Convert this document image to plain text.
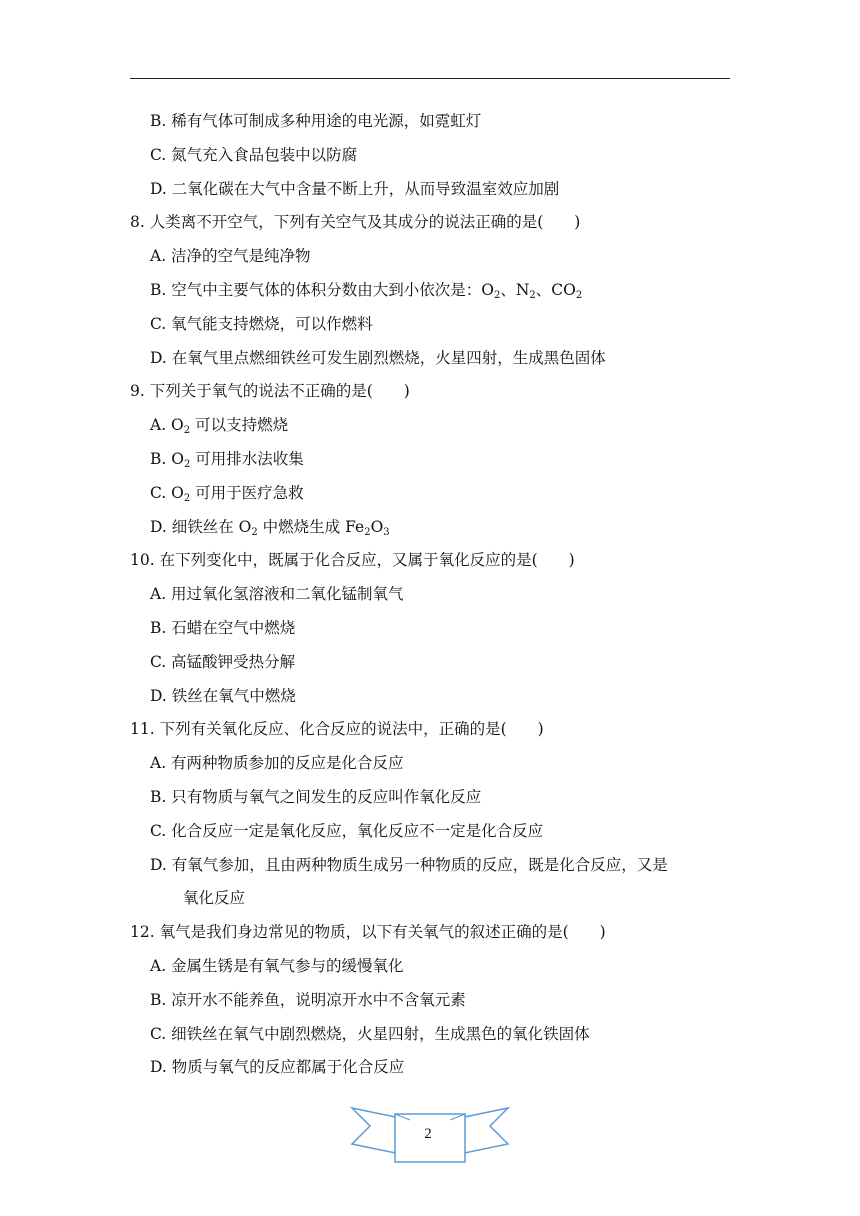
B. 稀有气体可制成多种用途的电光源，如霓虹灯
C. 氮气充入食品包装中以防腐
D. 二氧化碳在大气中含量不断上升，从而导致温室效应加剧
8. 人类离不开空气，下列有关空气及其成分的说法正确的是(　　)
A. 洁净的空气是纯净物
B. 空气中主要气体的体积分数由大到小依次是：$O_2$、$N_2$、$CO_2$
C. 氧气能支持燃烧，可以作燃料
D. 在氧气里点燃细铁丝可发生剧烈燃烧，火星四射，生成黑色固体
9. 下列关于氧气的说法不正确的是(　　)
A. $O_2$ 可以支持燃烧
B. $O_2$ 可用排水法收集
C. $O_2$ 可用于医疗急救
D. 细铁丝在 $O_2$ 中燃烧生成 $Fe_2O_3$
10. 在下列变化中，既属于化合反应，又属于氧化反应的是(　　)
A. 用过氧化氢溶液和二氧化锰制氧气
B. 石蜡在空气中燃烧
C. 高锰酸钾受热分解
D. 铁丝在氧气中燃烧
11. 下列有关氧化反应、化合反应的说法中，正确的是(　　)
A. 有两种物质参加的反应是化合反应
B. 只有物质与氧气之间发生的反应叫作氧化反应
C. 化合反应一定是氧化反应，氧化反应不一定是化合反应
D. 有氧气参加，且由两种物质生成另一种物质的反应，既是化合反应，又是
氧化反应
12. 氧气是我们身边常见的物质，以下有关氧气的叙述正确的是(　　)
A. 金属生锈是有氧气参与的缓慢氧化
B. 凉开水不能养鱼，说明凉开水中不含氧元素
C. 细铁丝在氧气中剧烈燃烧，火星四射，生成黑色的氧化铁固体
D. 物质与氧气的反应都属于化合反应
2
